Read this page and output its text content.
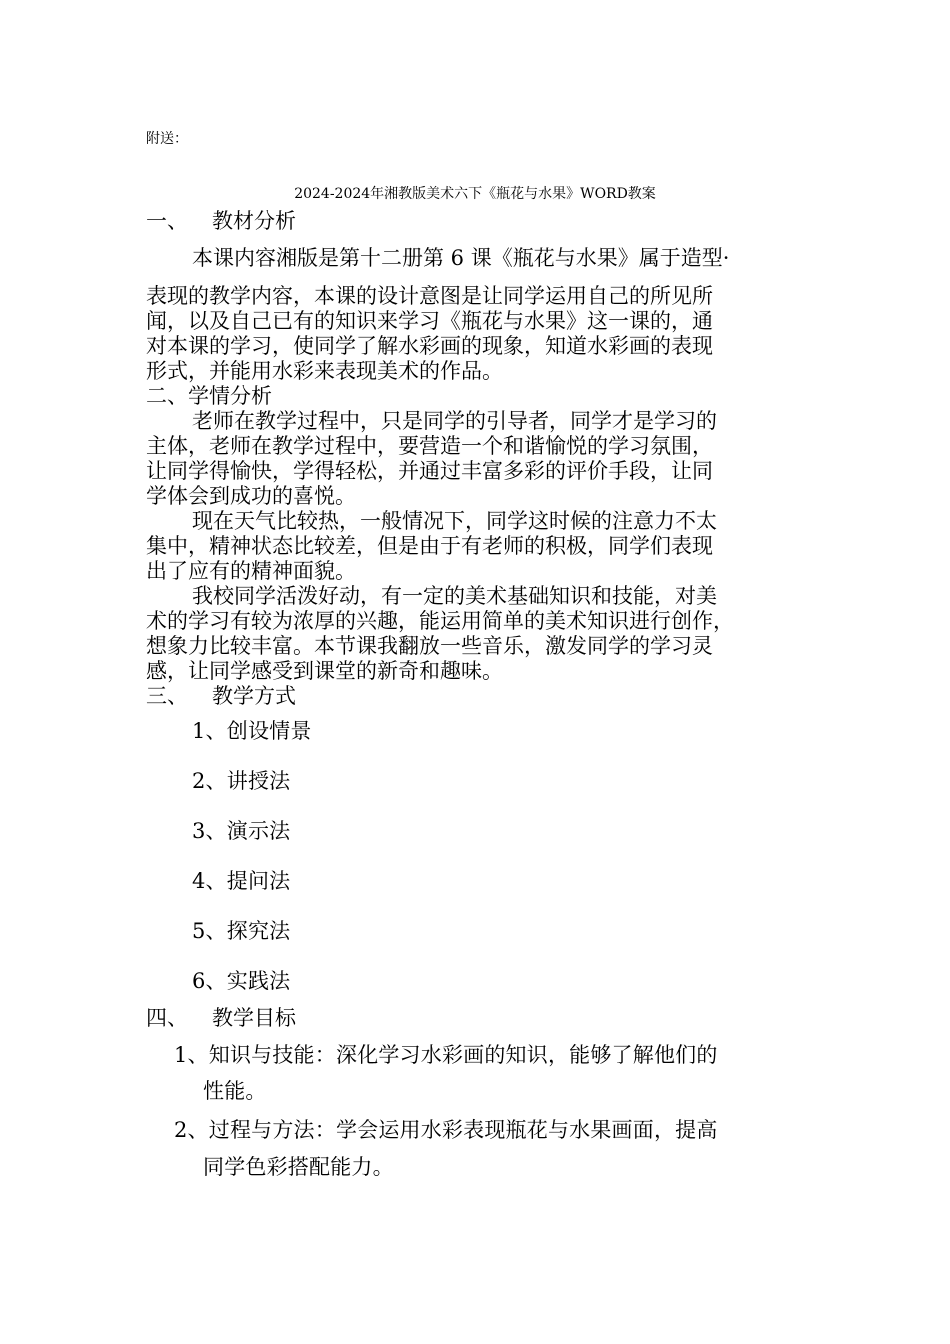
附送：
2024-2024年湘教版美术六下《瓶花与水果》WORD教案
一、 教材分析
本课内容湘版是第十二册第 6 课《瓶花与水果》属于造型·
表现的教学内容，本课的设计意图是让同学运用自己的所见所
闻，以及自己已有的知识来学习《瓶花与水果》这一课的，通
对本课的学习，使同学了解水彩画的现象，知道水彩画的表现
形式，并能用水彩来表现美术的作品。
二、学情分析
老师在教学过程中，只是同学的引导者，同学才是学习的
主体，老师在教学过程中，要营造一个和谐愉悦的学习氛围，
让同学得愉快，学得轻松，并通过丰富多彩的评价手段，让同
学体会到成功的喜悦。
现在天气比较热，一般情况下，同学这时候的注意力不太
集中，精神状态比较差，但是由于有老师的积极，同学们表现
出了应有的精神面貌。
我校同学活泼好动，有一定的美术基础知识和技能，对美
术的学习有较为浓厚的兴趣，能运用简单的美术知识进行创作，
想象力比较丰富。本节课我翻放一些音乐，激发同学的学习灵
感，让同学感受到课堂的新奇和趣味。
三、 教学方式
1、创设情景
2、讲授法
3、演示法
4、提问法
5、探究法
6、实践法
四、 教学目标
1、知识与技能：深化学习水彩画的知识，能够了解他们的
性能。
2、过程与方法：学会运用水彩表现瓶花与水果画面，提高
同学色彩搭配能力。
